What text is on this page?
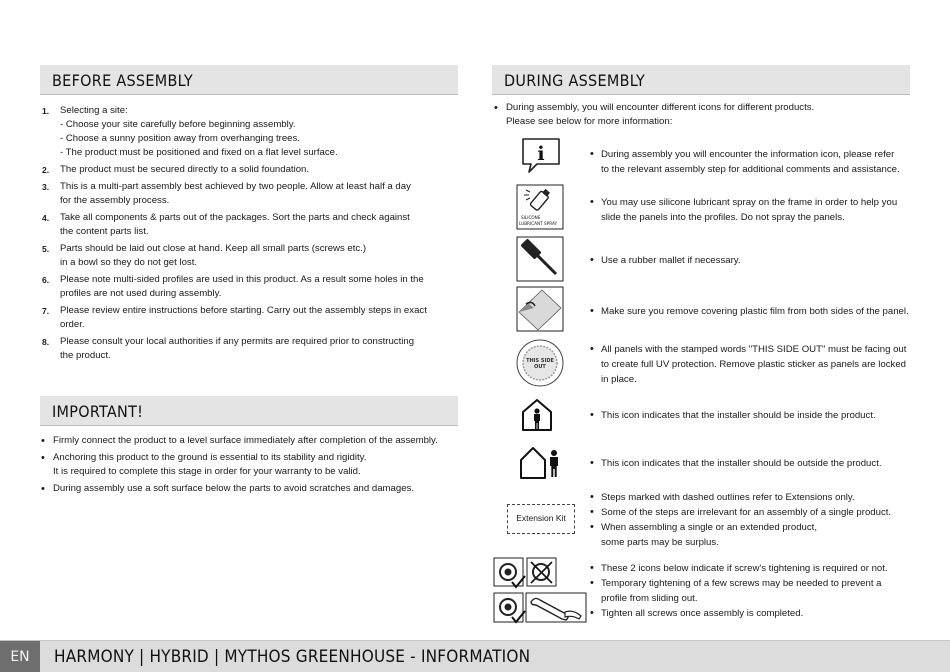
BEFORE ASSEMBLY
1. Selecting a site:
- Choose your site carefully before beginning assembly.
- Choose a sunny position away from overhanging trees.
- The product must be positioned and fixed on a flat level surface.
2. The product must be secured directly to a solid foundation.
3. This is a multi-part assembly best achieved by two people. Allow at least half a day
for the assembly process.
4. Take all components & parts out of the packages. Sort the parts and check against
the content parts list.
5. Parts should be laid out close at hand. Keep all small parts (screws etc.)
in a bowl so they do not get lost.
6. Please note multi-sided profiles are used in this product. As a result some holes in the
profiles are not used during assembly.
7. Please review entire instructions before starting. Carry out the assembly steps in exact order.
8. Please consult your local authorities if any permits are required prior to constructing
the product.
IMPORTANT!
• Firmly connect the product to a level surface immediately after completion of the assembly.
• Anchoring this product to the ground is essential to its stability and rigidity.
It is required to complete this stage in order for your warranty to be valid.
• During assembly use a soft surface below the parts to avoid scratches and damages.
DURING ASSEMBLY
• During assembly, you will encounter different icons for different products.
Please see below for more information:
i
•	During assembly you will encounter the information icon, please refer
to the relevant assembly step for additional comments and assistance.
SILICONE
LUBRICANT SPRAY
• You may use silicone lubricant spray on the frame in order to help you
slide the panels into the profiles. Do not spray the panels.
• Use a rubber mallet if necessary.
• Make sure you remove covering plastic film from both sides of the panel.
THIS SIDE
OUT
• All panels with the stamped words "THIS SIDE OUT" must be facing out
to create full UV protection. Remove plastic sticker as panels are locked
in place.
• This icon indicates that the installer should be inside the product.
• This icon indicates that the installer should be outside the product.
Extension Kit
• Steps marked with dashed outlines refer to Extensions only.
• Some of the steps are irrelevant for an assembly of a single product.
• When assembling a single or an extended product,
some parts may be surplus.
• These 2 icons below indicate if screw's tightening is required or not.
• Temporary tightening of a few screws may be needed to prevent a
profile from sliding out.
• Tighten all screws once assembly is completed.
EN	HARMONY | HYBRID | MYTHOS GREENHOUSE - INFORMATION
